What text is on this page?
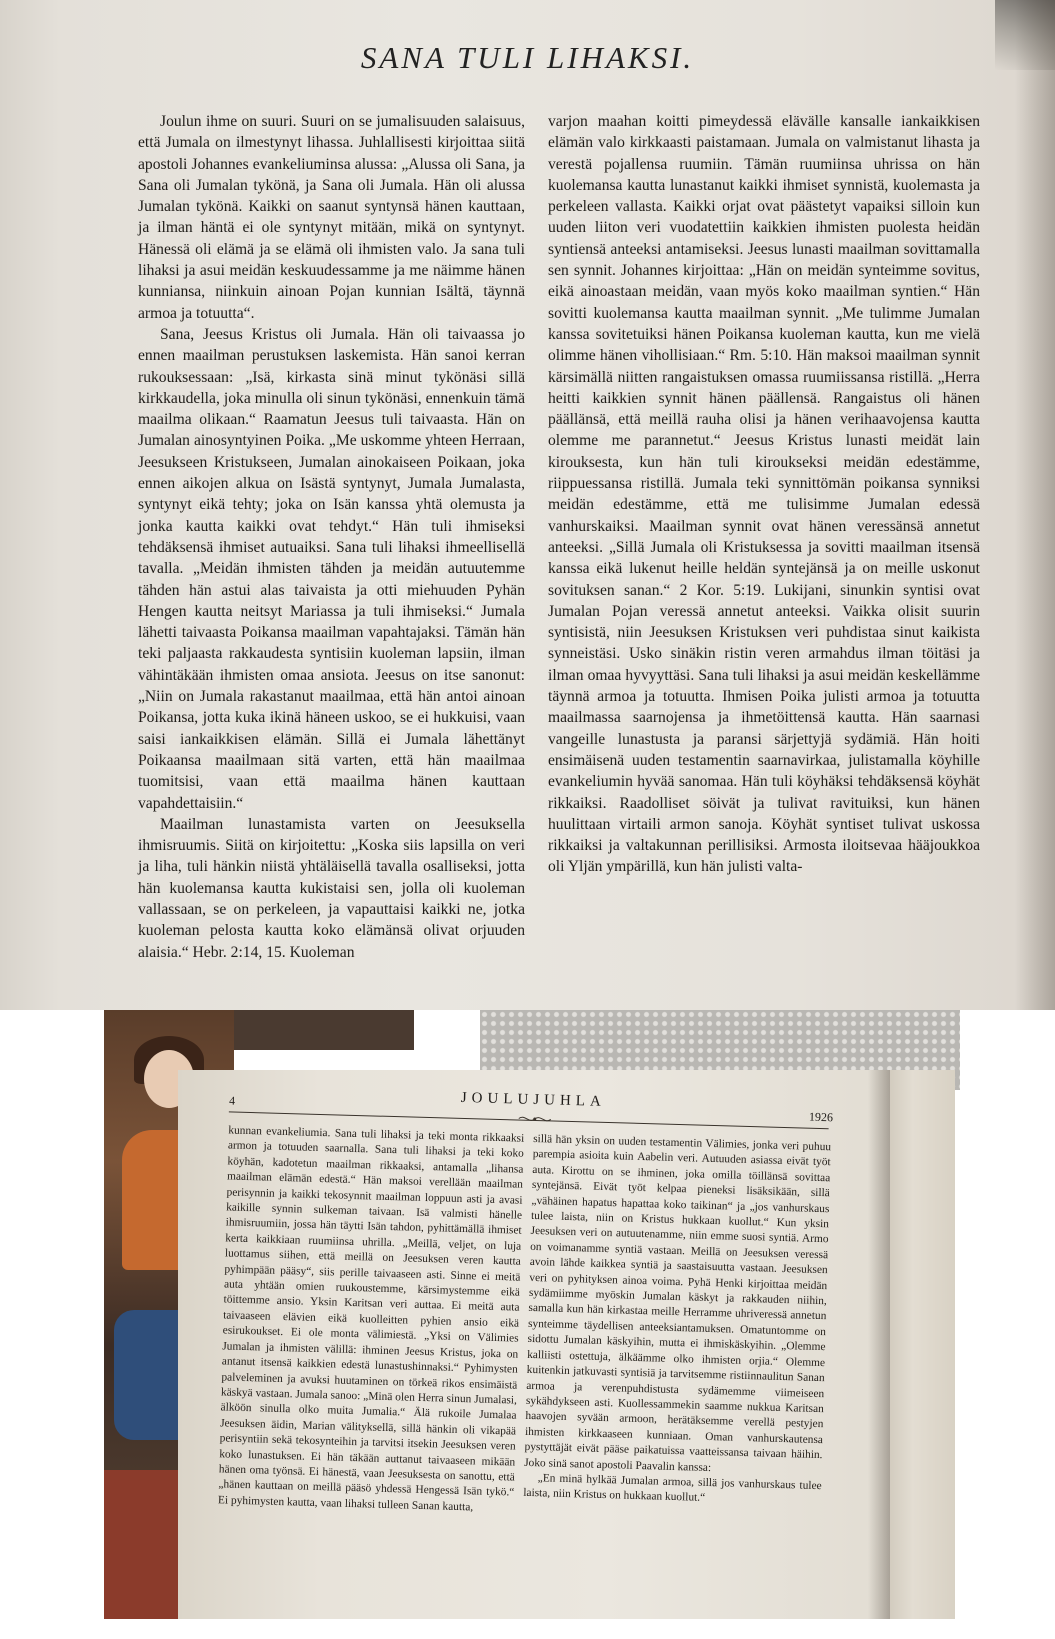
SANA TULI LIHAKSI.

Joulun ihme on suuri. Suuri on se jumalisuuden salaisuus, että Jumala on ilmestynyt lihassa. Juhlallisesti kirjoittaa siitä apostoli Johannes evankeliuminsa alussa: „Alussa oli Sana, ja Sana oli Jumalan tykönä, ja Sana oli Jumala. Hän oli alussa Jumalan tykönä. Kaikki on saanut syntynsä hänen kauttaan, ja ilman häntä ei ole syntynyt mitään, mikä on syntynyt. Hänessä oli elämä ja se elämä oli ihmisten valo. Ja sana tuli lihaksi ja asui meidän keskuudessamme ja me näimme hänen kunniansa, niinkuin ainoan Pojan kunnian Isältä, täynnä armoa ja totuutta“.

Sana, Jeesus Kristus oli Jumala. Hän oli taivaassa jo ennen maailman perustuksen laskemista. Hän sanoi kerran rukouksessaan: „Isä, kirkasta sinä minut tykönäsi sillä kirkkaudella, joka minulla oli sinun tykönäsi, ennenkuin tämä maailma olikaan.“ Raamatun Jeesus tuli taivaasta. Hän on Jumalan ainosyntyinen Poika. „Me uskomme yhteen Herraan, Jeesukseen Kristukseen, Jumalan ainokaiseen Poikaan, joka ennen aikojen alkua on Isästä syntynyt, Jumala Jumalasta, syntynyt eikä tehty; joka on Isän kanssa yhtä olemusta ja jonka kautta kaikki ovat tehdyt.“ Hän tuli ihmiseksi tehdäksensä ihmiset autuaiksi. Sana tuli lihaksi ihmeellisellä tavalla. „Meidän ihmisten tähden ja meidän autuutemme tähden hän astui alas taivaista ja otti miehuuden Pyhän Hengen kautta neitsyt Mariassa ja tuli ihmiseksi.“ Jumala lähetti taivaasta Poikansa maailman vapahtajaksi. Tämän hän teki paljaasta rakkaudesta syntisiin kuoleman lapsiin, ilman vähintäkään ihmisten omaa ansiota. Jeesus on itse sanonut: „Niin on Jumala rakastanut maailmaa, että hän antoi ainoan Poikansa, jotta kuka ikinä häneen uskoo, se ei hukkuisi, vaan saisi iankaikkisen elämän. Sillä ei Jumala lähettänyt Poikaansa maailmaan sitä varten, että hän maailmaa tuomitsisi, vaan että maailma hänen kauttaan vapahdettaisiin.“

Maailman lunastamista varten on Jeesuksella ihmisruumis. Siitä on kirjoitettu: „Koska siis lapsilla on veri ja liha, tuli hänkin niistä yhtäläisellä tavalla osalliseksi, jotta hän kuolemansa kautta kukistaisi sen, jolla oli kuoleman vallassaan, se on perkeleen, ja vapauttaisi kaikki ne, jotka kuoleman pelosta kautta koko elämänsä olivat orjuuden alaisia.“ Hebr. 2:14, 15. Kuoleman

varjon maahan koitti pimeydessä elävälle kansalle iankaikkisen elämän valo kirkkaasti paistamaan. Jumala on valmistanut lihasta ja verestä pojallensa ruumiin. Tämän ruumiinsa uhrissa on hän kuolemansa kautta lunastanut kaikki ihmiset synnistä, kuolemasta ja perkeleen vallasta. Kaikki orjat ovat päästetyt vapaiksi silloin kun uuden liiton veri vuodatettiin kaikkien ihmisten puolesta heidän syntiensä anteeksi antamiseksi. Jeesus lunasti maailman sovittamalla sen synnit. Johannes kirjoittaa: „Hän on meidän synteimme sovitus, eikä ainoastaan meidän, vaan myös koko maailman syntien.“ Hän sovitti kuolemansa kautta maailman synnit. „Me tulimme Jumalan kanssa sovitetuiksi hänen Poikansa kuoleman kautta, kun me vielä olimme hänen vihollisiaan.“ Rm. 5:10. Hän maksoi maailman synnit kärsimällä niitten rangaistuksen omassa ruumiissansa ristillä. „Herra heitti kaikkien synnit hänen päällensä. Rangaistus oli hänen päällänsä, että meillä rauha olisi ja hänen verihaavojensa kautta olemme me parannetut.“ Jeesus Kristus lunasti meidät lain kirouksesta, kun hän tuli kiroukseksi meidän edestämme, riippuessansa ristillä. Jumala teki synnittömän poikansa synniksi meidän edestämme, että me tulisimme Jumalan edessä vanhurskaiksi. Maailman synnit ovat hänen veressänsä annetut anteeksi. „Sillä Jumala oli Kristuksessa ja sovitti maailman itsensä kanssa eikä lukenut heille heldän syntejänsä ja on meille uskonut sovituksen sanan.“ 2 Kor. 5:19. Lukijani, sinunkin syntisi ovat Jumalan Pojan veressä annetut anteeksi. Vaikka olisit suurin syntisistä, niin Jeesuksen Kristuksen veri puhdistaa sinut kaikista synneistäsi. Usko sinäkin ristin veren armahdus ilman töitäsi ja ilman omaa hyvyyttäsi. Sana tuli lihaksi ja asui meidän keskellämme täynnä armoa ja totuutta. Ihmisen Poika julisti armoa ja totuutta maailmassa saarnojensa ja ihmetöittensä kautta. Hän saarnasi vangeille lunastusta ja paransi särjettyjä sydämiä. Hän hoiti ensimäisenä uuden testamentin saarnavirkaa, julistamalla köyhille evankeliumin hyvää sanomaa. Hän tuli köyhäksi tehdäksensä köyhät rikkaiksi. Raadolliset söivät ja tulivat ravituiksi, kun hänen huulittaan virtaili armon sanoja. Köyhät syntiset tulivat uskossa rikkaiksi ja valtakunnan perillisiksi. Armosta iloitsevaa hääjoukkoa oli Yljän ympärillä, kun hän julisti valta-

4	JOULUJUHLA

1926

kunnan evankeliumia. Sana tuli lihaksi ja teki monta rikkaaksi armon ja totuuden saarnalla. Sana tuli lihaksi ja teki koko köyhän, kadotetun maailman rikkaaksi, antamalla „lihansa maailman elämän edestä.“ Hän maksoi verellään maailman perisynnin ja kaikki tekosynnit maailman loppuun asti ja avasi kaikille synnin sulkeman taivaan. Isä valmisti hänelle ihmisruumiin, jossa hän täytti Isän tahdon, pyhittämällä ihmiset kerta kaikkiaan ruumiinsa uhrilla. „Meillä, veljet, on luja luottamus siihen, että meillä on Jeesuksen veren kautta pyhimpään pääsy“, siis perille taivaaseen asti. Sinne ei meitä auta yhtään omien ruukoustemme, kärsimystemme eikä töittemme ansio. Yksin Karitsan veri auttaa. Ei meitä auta taivaaseen elävien eikä kuolleitten pyhien ansio eikä esirukoukset. Ei ole monta välimiestä. „Yksi on Välimies Jumalan ja ihmisten välillä: ihminen Jeesus Kristus, joka on antanut itsensä kaikkien edestä lunastushinnaksi.“ Pyhimysten palveleminen ja avuksi huutaminen on törkeä rikos ensimäistä käskyä vastaan. Jumala sanoo: „Minä olen Herra sinun Jumalasi, älköön sinulla olko muita Jumalia.“ Älä rukoile Jumalaa Jeesuksen äidin, Marian välityksellä, sillä hänkin oli vikapää perisyntiin sekä tekosynteihin ja tarvitsi itsekin Jeesuksen veren koko lunastuksen. Ei hän täkään auttanut taivaaseen mikään hänen oma työnsä. Ei hänestä, vaan Jeesuksesta on sanottu, että „hänen kauttaan on meillä pääsö yhdessä Hengessä Isän tykö.“ Ei pyhimysten kautta, vaan lihaksi tulleen Sanan kautta,

sillä hän yksin on uuden testamentin Välimies, jonka veri puhuu parempia asioita kuin Aabelin veri. Autuuden asiassa eivät työt auta. Kirottu on se ihminen, joka omilla töillänsä sovittaa syntejänsä. Eivät työt kelpaa pieneksi lisäksikään, sillä „vähäinen hapatus hapattaa koko taikinan“ ja „jos vanhurskaus tulee laista, niin on Kristus hukkaan kuollut.“ Kun yksin Jeesuksen veri on autuutenamme, niin emme suosi syntiä. Armo on voimanamme syntiä vastaan. Meillä on Jeesuksen veressä avoin lähde kaikkea syntiä ja saastaisuutta vastaan. Jeesuksen veri on pyhityksen ainoa voima. Pyhä Henki kirjoittaa meidän sydämiimme myöskin Jumalan käskyt ja rakkauden niihin, samalla kun hän kirkastaa meille Herramme uhriveressä annetun synteimme täydellisen anteeksiantamuksen. Omatuntomme on sidottu Jumalan käskyihin, mutta ei ihmiskäskyihin. „Olemme kalliisti ostettuja, älkäämme olko ihmisten orjia.“ Olemme kuitenkin jatkuvasti syntisiä ja tarvitsemme ristiinnaulitun Sanan armoa ja verenpuhdistusta sydämemme viimeiseen sykähdykseen asti. Kuollessammekin saamme nukkua Karitsan haavojen syvään armoon, herätäksemme verellä pestyjen ihmisten kirkkaaseen kunniaan. Oman vanhurskautensa pystyttäjät eivät pääse paikatuissa vaatteissansa taivaan häihin. Joko sinä sanot apostoli Paavalin kanssa:

„En minä hylkää Jumalan armoa, sillä jos vanhurskaus tulee laista, niin Kristus on hukkaan kuollut.“
